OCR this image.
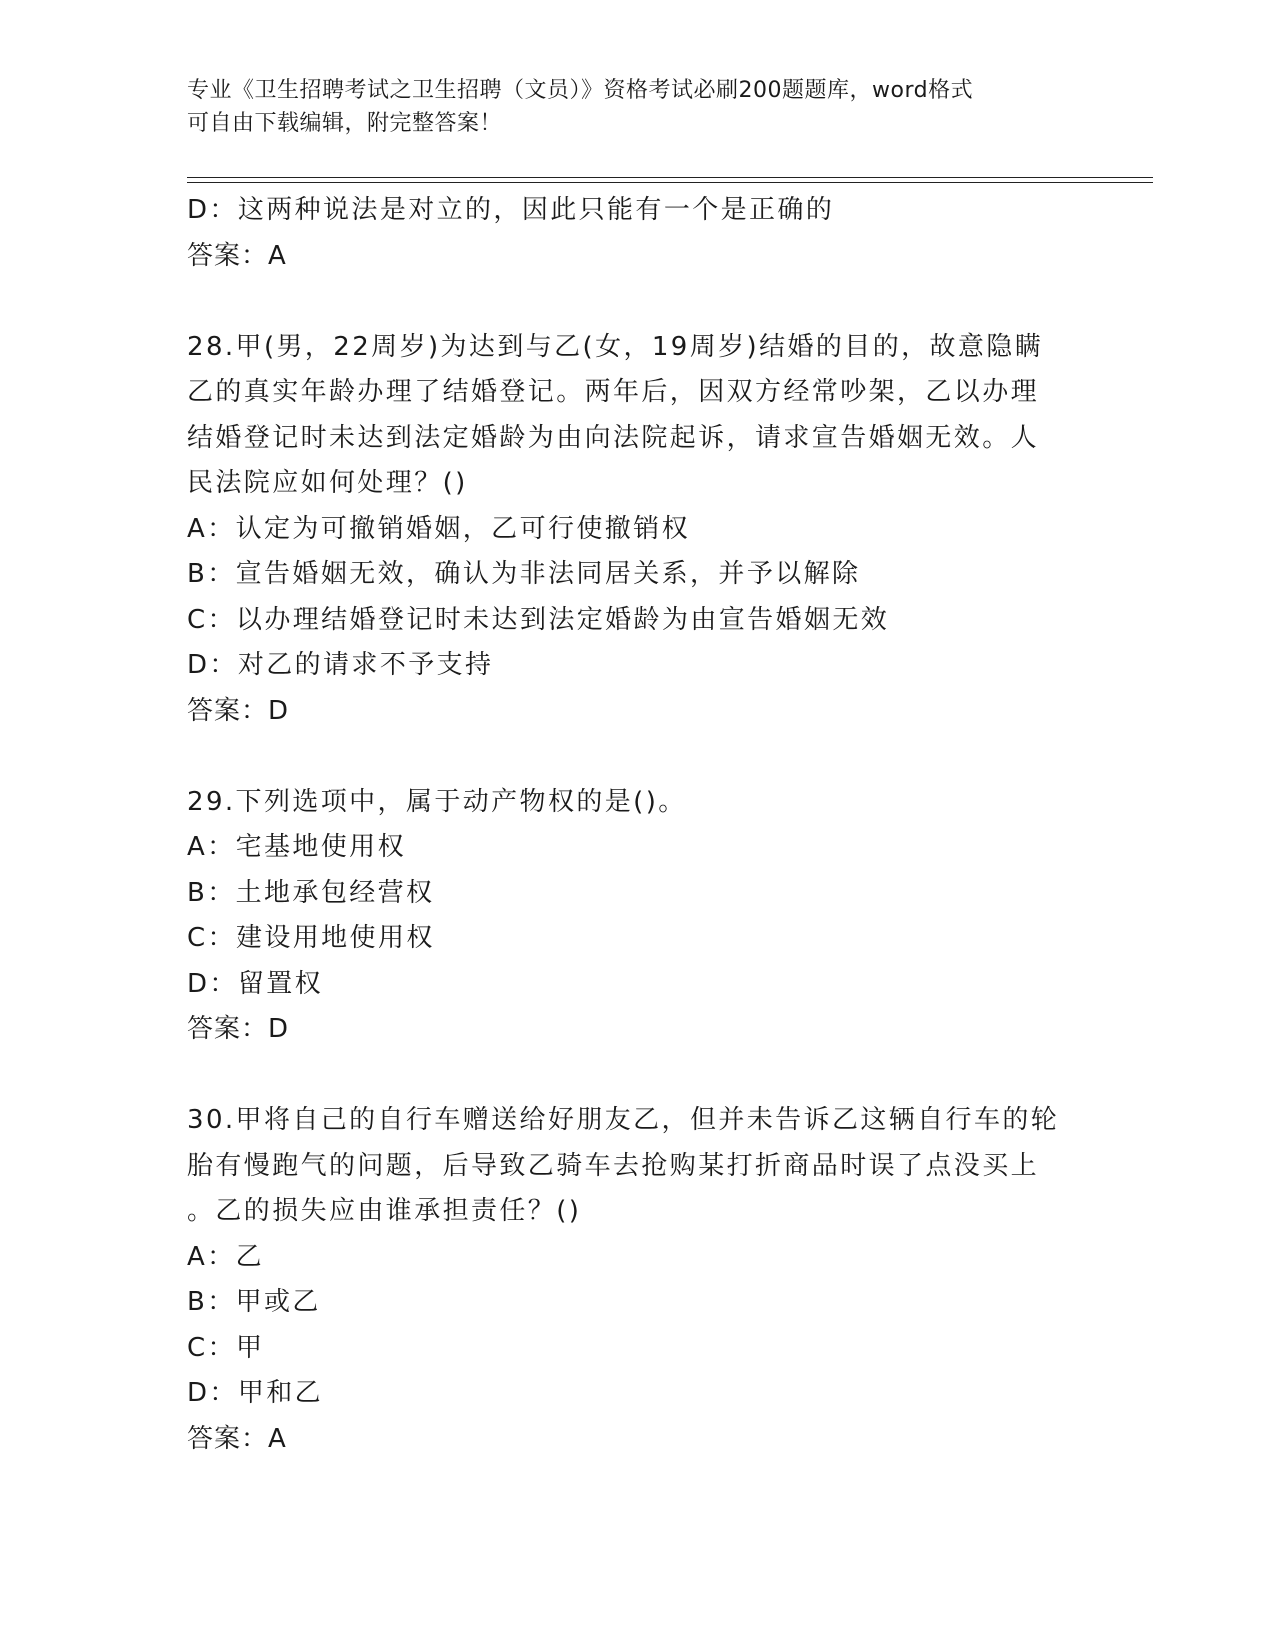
专业《卫生招聘考试之卫生招聘（文员）》资格考试必刷200题题库，word格式
可自由下载编辑，附完整答案！
D：这两种说法是对立的，因此只能有一个是正确的
答案：A
28.甲(男，22周岁)为达到与乙(女，19周岁)结婚的目的，故意隐瞒
乙的真实年龄办理了结婚登记。两年后，因双方经常吵架，乙以办理
结婚登记时未达到法定婚龄为由向法院起诉，请求宣告婚姻无效。人
民法院应如何处理？()
A：认定为可撤销婚姻，乙可行使撤销权
B：宣告婚姻无效，确认为非法同居关系，并予以解除
C：以办理结婚登记时未达到法定婚龄为由宣告婚姻无效
D：对乙的请求不予支持
答案：D
29.下列选项中，属于动产物权的是()。
A：宅基地使用权
B：土地承包经营权
C：建设用地使用权
D：留置权
答案：D
30.甲将自己的自行车赠送给好朋友乙，但并未告诉乙这辆自行车的轮
胎有慢跑气的问题，后导致乙骑车去抢购某打折商品时误了点没买上
。乙的损失应由谁承担责任？()
A：乙
B：甲或乙
C：甲
D：甲和乙
答案：A
